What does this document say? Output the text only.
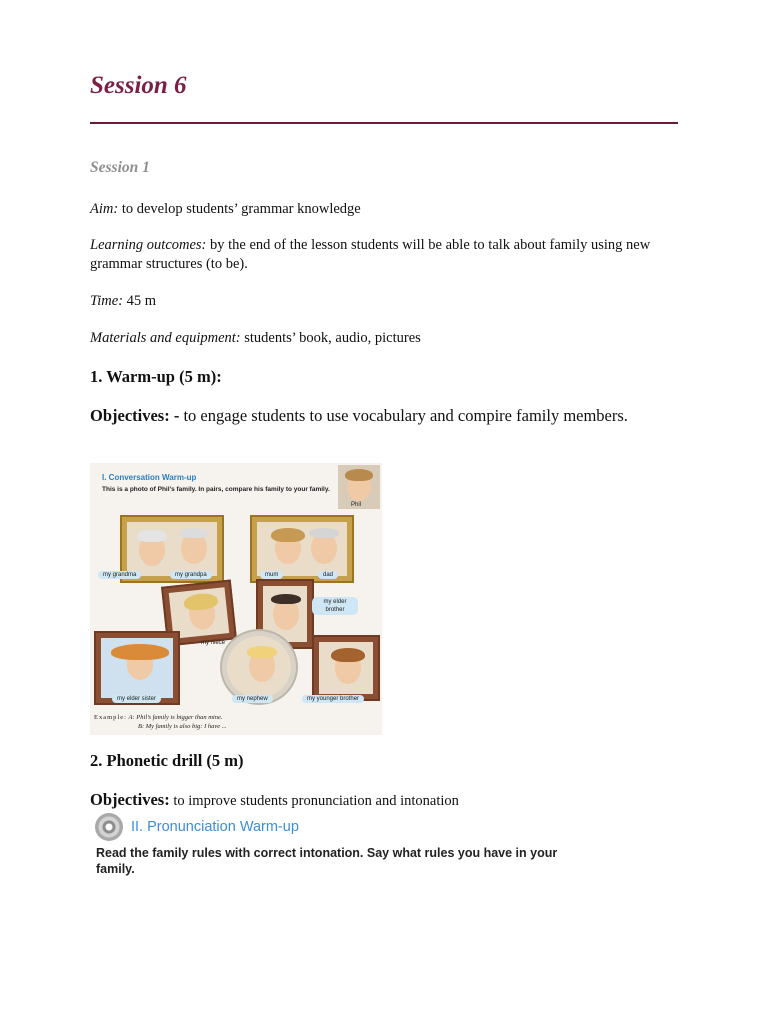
Session 6
Session 1
Aim: to develop students’ grammar knowledge
Learning outcomes: by the end of the lesson students will be able to talk about family using new grammar structures (to be).
Time: 45 m
Materials and equipment: students’ book, audio, pictures
1. Warm-up (5 m):
Objectives: - to engage students to use vocabulary and compire family members.
I. Conversation Warm-up
This is a photo of Phil’s family. In pairs, compare his family to your family.
Phil
my grandma	my grandpa	mum	dad
my niece
my elder brother
my elder sister	my nephew	my younger brother
Example: A: Phil’s family is bigger than mine.
B: My family is also big: I have ...
2. Phonetic drill (5 m)
Objectives: to improve students pronunciation and intonation
II. Pronunciation Warm-up
Read the family rules with correct intonation. Say what rules you have in your family.
